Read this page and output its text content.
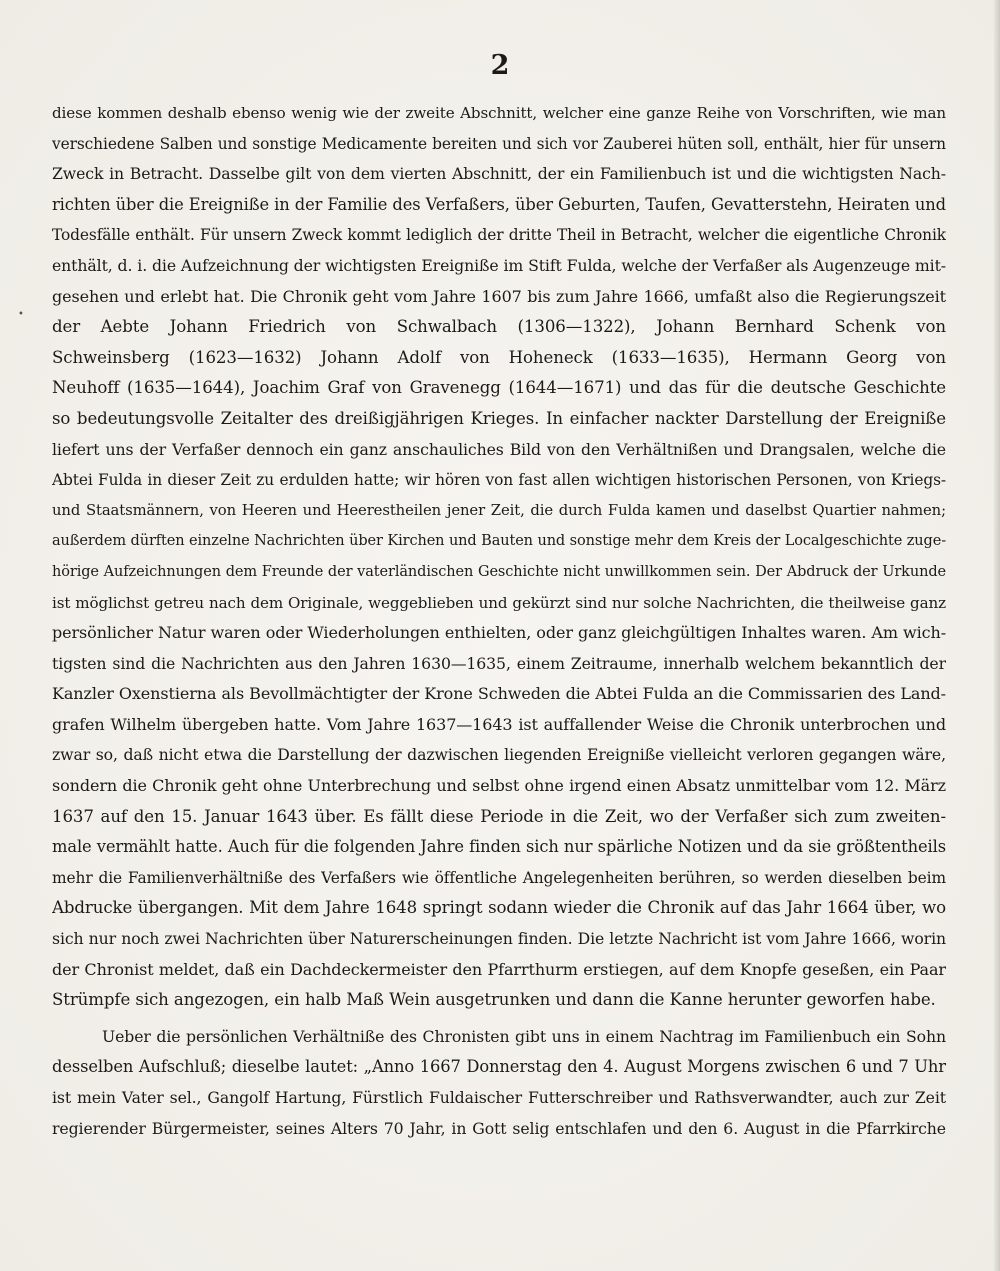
•
2
diese kommen deshalb ebenso wenig wie der zweite Abschnitt, welcher eine ganze Reihe von Vorschriften, wie man
verschiedene Salben und sonstige Medicamente bereiten und sich vor Zauberei hüten soll, enthält, hier für unsern
Zweck in Betracht. Dasselbe gilt von dem vierten Abschnitt, der ein Familienbuch ist und die wichtigsten Nach-
richten über die Ereigniße in der Familie des Verfaßers, über Geburten, Taufen, Gevatterstehn, Heiraten und
Todesfälle enthält. Für unsern Zweck kommt lediglich der dritte Theil in Betracht, welcher die eigentliche Chronik
enthält, d. i. die Aufzeichnung der wichtigsten Ereigniße im Stift Fulda, welche der Verfaßer als Augenzeuge mit-
gesehen und erlebt hat. Die Chronik geht vom Jahre 1607 bis zum Jahre 1666, umfaßt also die Regierungszeit
der Aebte Johann Friedrich von Schwalbach (1306—1322), Johann Bernhard Schenk von
Schweinsberg (1623—1632) Johann Adolf von Hoheneck (1633—1635), Hermann Georg von
Neuhoff (1635—1644), Joachim Graf von Gravenegg (1644—1671) und das für die deutsche Geschichte
so bedeutungsvolle Zeitalter des dreißigjährigen Krieges. In einfacher nackter Darstellung der Ereigniße
liefert uns der Verfaßer dennoch ein ganz anschauliches Bild von den Verhältnißen und Drangsalen, welche die
Abtei Fulda in dieser Zeit zu erdulden hatte; wir hören von fast allen wichtigen historischen Personen, von Kriegs-
und Staatsmännern, von Heeren und Heerestheilen jener Zeit, die durch Fulda kamen und daselbst Quartier nahmen;
außerdem dürften einzelne Nachrichten über Kirchen und Bauten und sonstige mehr dem Kreis der Localgeschichte zuge-
hörige Aufzeichnungen dem Freunde der vaterländischen Geschichte nicht unwillkommen sein. Der Abdruck der Urkunde
ist möglichst getreu nach dem Originale, weggeblieben und gekürzt sind nur solche Nachrichten, die theilweise ganz
persönlicher Natur waren oder Wiederholungen enthielten, oder ganz gleichgültigen Inhaltes waren. Am wich-
tigsten sind die Nachrichten aus den Jahren 1630—1635, einem Zeitraume, innerhalb welchem bekanntlich der
Kanzler Oxenstierna als Bevollmächtigter der Krone Schweden die Abtei Fulda an die Commissarien des Land-
grafen Wilhelm übergeben hatte. Vom Jahre 1637—1643 ist auffallender Weise die Chronik unterbrochen und
zwar so, daß nicht etwa die Darstellung der dazwischen liegenden Ereigniße vielleicht verloren gegangen wäre,
sondern die Chronik geht ohne Unterbrechung und selbst ohne irgend einen Absatz unmittelbar vom 12. März
1637 auf den 15. Januar 1643 über. Es fällt diese Periode in die Zeit, wo der Verfaßer sich zum zweiten-
male vermählt hatte. Auch für die folgenden Jahre finden sich nur spärliche Notizen und da sie größtentheils
mehr die Familienverhältniße des Verfaßers wie öffentliche Angelegenheiten berühren, so werden dieselben beim
Abdrucke übergangen. Mit dem Jahre 1648 springt sodann wieder die Chronik auf das Jahr 1664 über, wo
sich nur noch zwei Nachrichten über Naturerscheinungen finden. Die letzte Nachricht ist vom Jahre 1666, worin
der Chronist meldet, daß ein Dachdeckermeister den Pfarrthurm erstiegen, auf dem Knopfe geseßen, ein Paar
Strümpfe sich angezogen, ein halb Maß Wein ausgetrunken und dann die Kanne herunter geworfen habe.
Ueber die persönlichen Verhältniße des Chronisten gibt uns in einem Nachtrag im Familienbuch ein Sohn
desselben Aufschluß; dieselbe lautet: „Anno 1667 Donnerstag den 4. August Morgens zwischen 6 und 7 Uhr
ist mein Vater sel., Gangolf Hartung, Fürstlich Fuldaischer Futterschreiber und Rathsverwandter, auch zur Zeit
regierender Bürgermeister, seines Alters 70 Jahr, in Gott selig entschlafen und den 6. August in die Pfarrkirche
